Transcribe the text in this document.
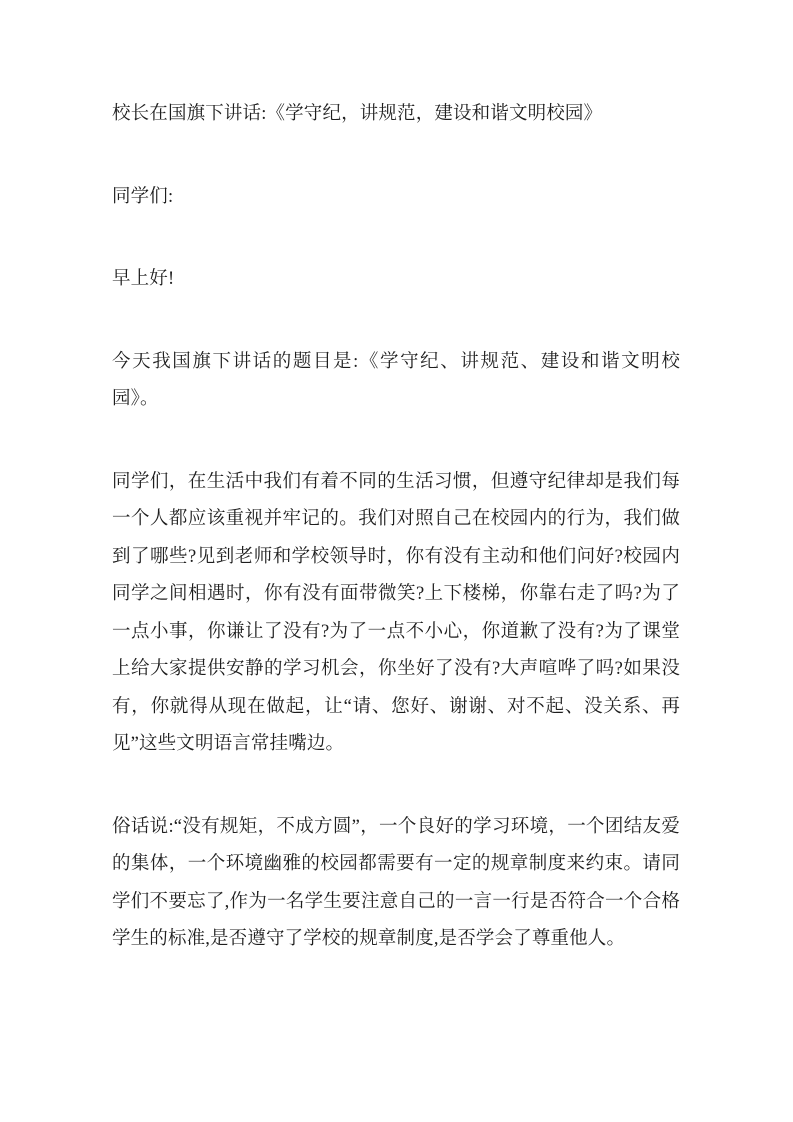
校长在国旗下讲话:《学守纪，讲规范，建设和谐文明校园》

同学们:

早上好!

今天我国旗下讲话的题目是:《学守纪、讲规范、建设和谐文明校园》。

同学们，在生活中我们有着不同的生活习惯，但遵守纪律却是我们每一个人都应该重视并牢记的。我们对照自己在校园内的行为，我们做到了哪些?见到老师和学校领导时，你有没有主动和他们问好?校园内同学之间相遇时，你有没有面带微笑?上下楼梯，你靠右走了吗?为了一点小事，你谦让了没有?为了一点不小心，你道歉了没有?为了课堂上给大家提供安静的学习机会，你坐好了没有?大声喧哗了吗?如果没有，你就得从现在做起，让“请、您好、谢谢、对不起、没关系、再见”这些文明语言常挂嘴边。

俗话说:“没有规矩，不成方圆”，一个良好的学习环境，一个团结友爱的集体，一个环境幽雅的校园都需要有一定的规章制度来约束。请同学们不要忘了,作为一名学生要注意自己的一言一行是否符合一个合格学生的标准,是否遵守了学校的规章制度,是否学会了尊重他人。
